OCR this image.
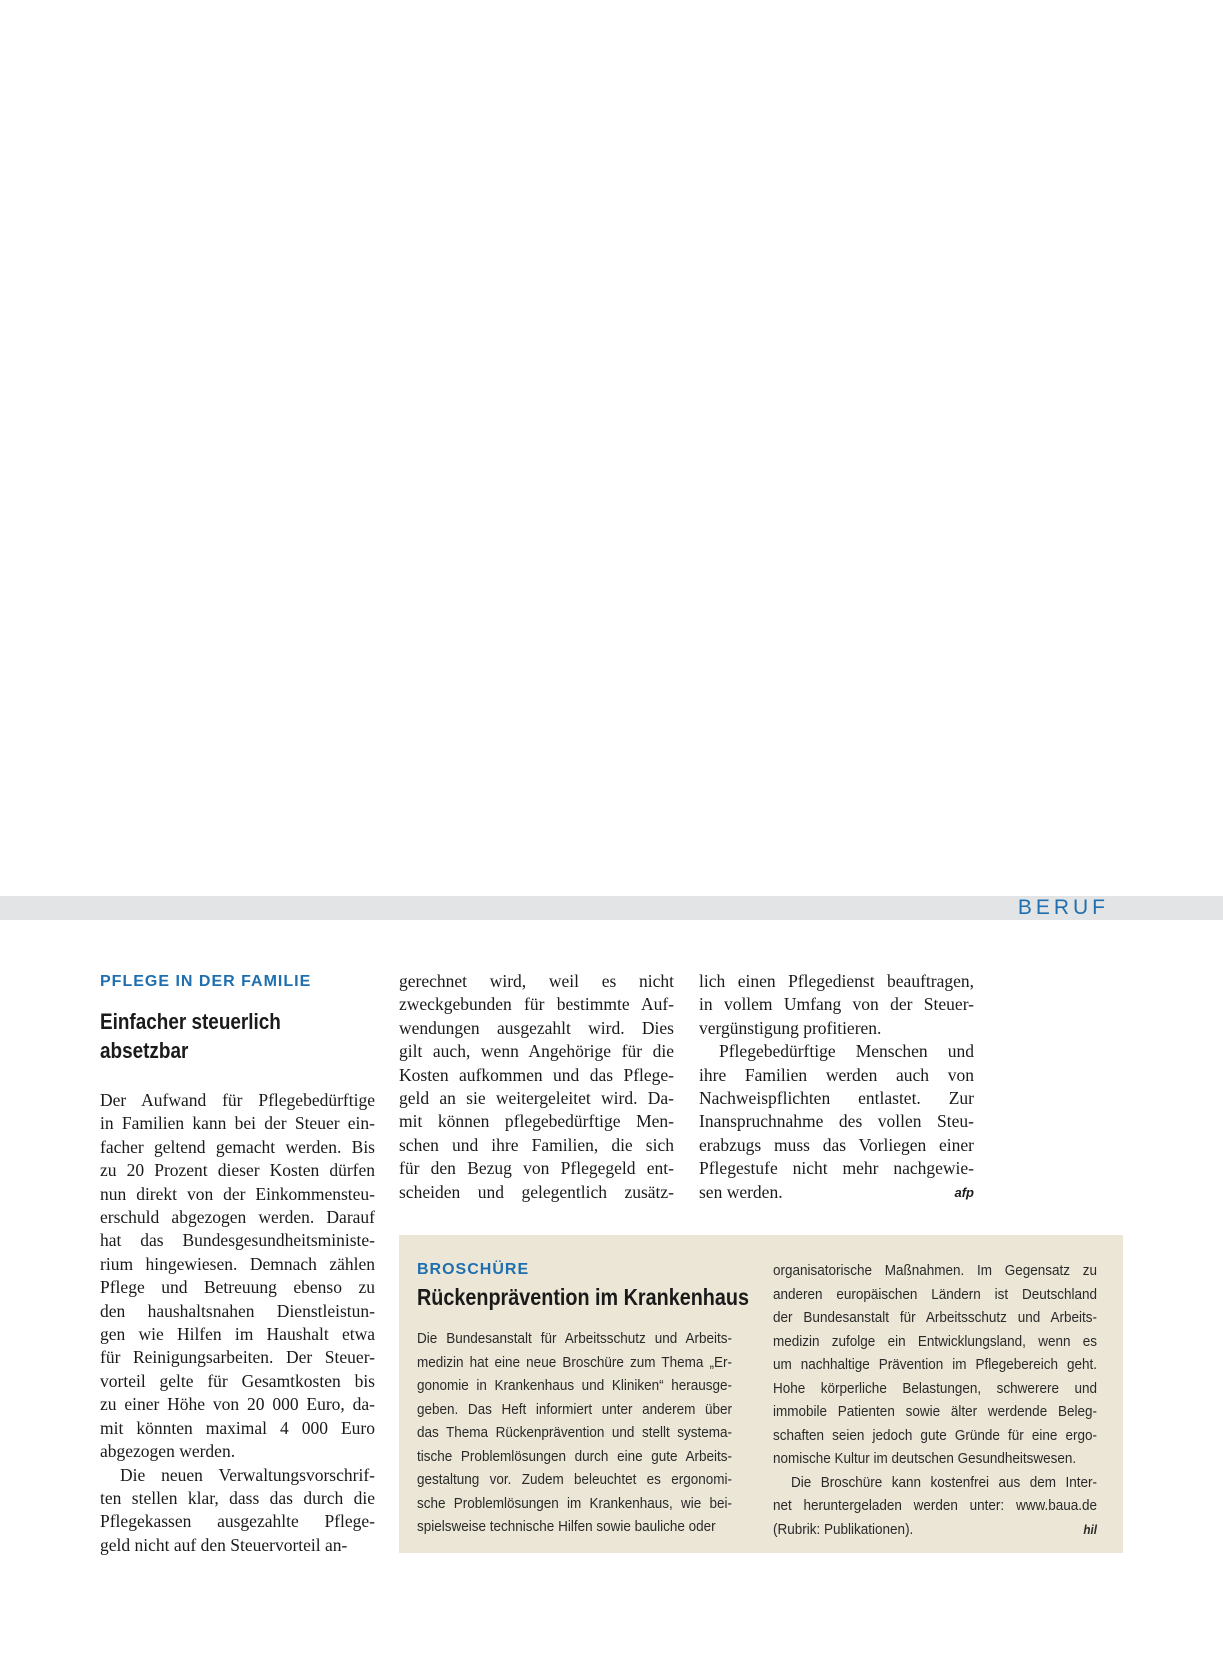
BERUF
PFLEGE IN DER FAMILIE
Einfacher steuerlich
absetzbar
Der Aufwand für Pflegebedürftige
in Familien kann bei der Steuer ein-
facher geltend gemacht werden. Bis
zu 20 Prozent dieser Kosten dürfen
nun direkt von der Einkommensteu-
erschuld abgezogen werden. Darauf
hat das Bundesgesundheitsministe-
rium hingewiesen. Demnach zählen
Pflege und Betreuung ebenso zu
den haushaltsnahen Dienstleistun-
gen wie Hilfen im Haushalt etwa
für Reinigungsarbeiten. Der Steuer-
vorteil gelte für Gesamtkosten bis
zu einer Höhe von 20 000 Euro, da-
mit könnten maximal 4 000 Euro
abgezogen werden.
Die neuen Verwaltungsvorschrif-
ten stellen klar, dass das durch die
Pflegekassen ausgezahlte Pflege-
geld nicht auf den Steuervorteil an-
gerechnet wird, weil es nicht
zweckgebunden für bestimmte Auf-
wendungen ausgezahlt wird. Dies
gilt auch, wenn Angehörige für die
Kosten aufkommen und das Pflege-
geld an sie weitergeleitet wird. Da-
mit können pflegebedürftige Men-
schen und ihre Familien, die sich
für den Bezug von Pflegegeld ent-
scheiden und gelegentlich zusätz-
lich einen Pflegedienst beauftragen,
in vollem Umfang von der Steuer-
vergünstigung profitieren.
Pflegebedürftige Menschen und
ihre Familien werden auch von
Nachweispflichten entlastet. Zur
Inanspruchnahme des vollen Steu-
erabzugs muss das Vorliegen einer
Pflegestufe nicht mehr nachgewie-
sen werden.	afp
BROSCHÜRE
Rückenprävention im Krankenhaus
Die Bundesanstalt für Arbeitsschutz und Arbeits-
medizin hat eine neue Broschüre zum Thema „Er-
gonomie in Krankenhaus und Kliniken“ herausge-
geben. Das Heft informiert unter anderem über
das Thema Rückenprävention und stellt systema-
tische Problemlösungen durch eine gute Arbeits-
gestaltung vor. Zudem beleuchtet es ergonomi-
sche Problemlösungen im Krankenhaus, wie bei-
spielsweise technische Hilfen sowie bauliche oder
organisatorische Maßnahmen. Im Gegensatz zu
anderen europäischen Ländern ist Deutschland
der Bundesanstalt für Arbeitsschutz und Arbeits-
medizin zufolge ein Entwicklungsland, wenn es
um nachhaltige Prävention im Pflegebereich geht.
Hohe körperliche Belastungen, schwerere und
immobile Patienten sowie älter werdende Beleg-
schaften seien jedoch gute Gründe für eine ergo-
nomische Kultur im deutschen Gesundheitswesen.
Die Broschüre kann kostenfrei aus dem Inter-
net heruntergeladen werden unter: www.baua.de
(Rubrik: Publikationen).	hil
